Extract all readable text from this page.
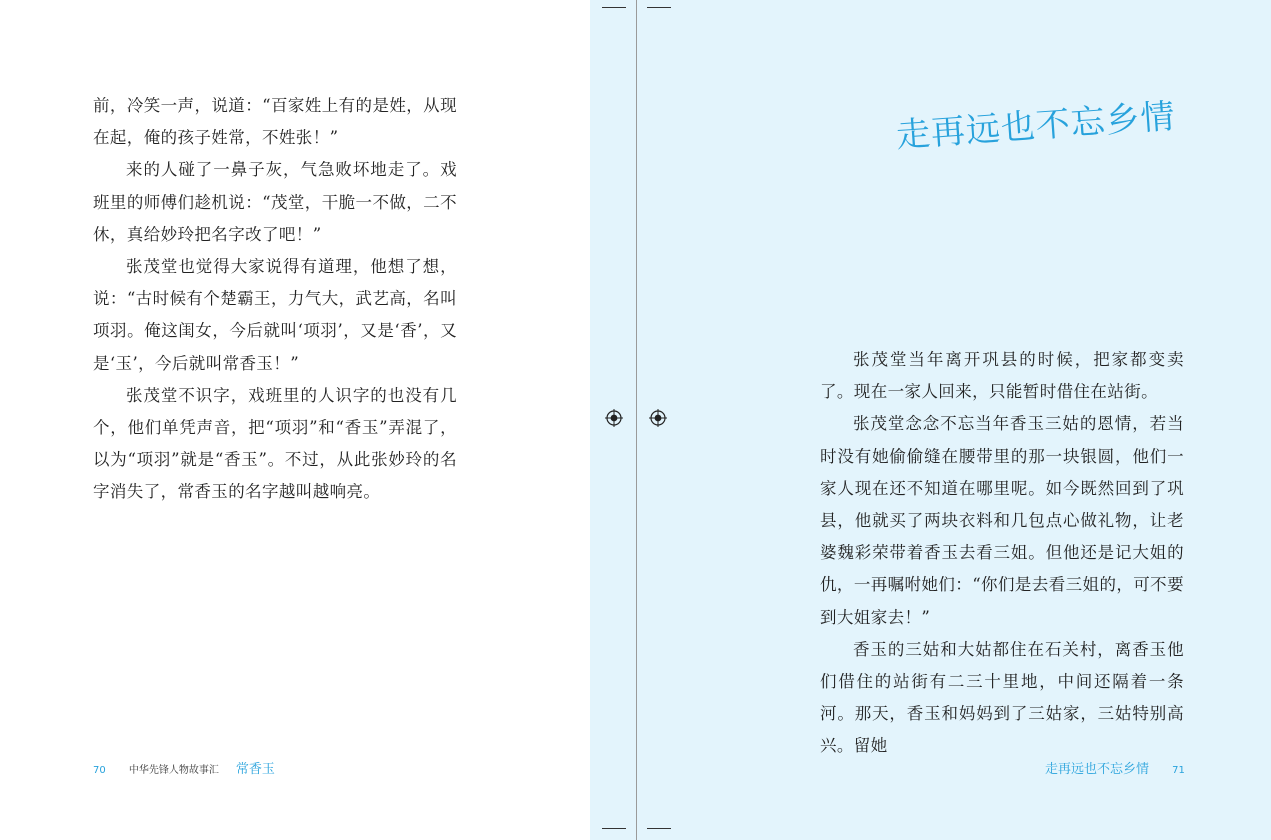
前，冷笑一声，说道：“百家姓上有的是姓，从现在起，俺的孩子姓常，不姓张！”

来的人碰了一鼻子灰，气急败坏地走了。戏班里的师傅们趁机说：“茂堂，干脆一不做，二不休，真给妙玲把名字改了吧！”

张茂堂也觉得大家说得有道理，他想了想，说：“古时候有个楚霸王，力气大，武艺高，名叫项羽。俺这闺女，今后就叫‘项羽’，又是‘香’，又是‘玉’，今后就叫常香玉！”

张茂堂不识字，戏班里的人识字的也没有几个，他们单凭声音，把“项羽”和“香玉”弄混了，以为“项羽”就是“香玉”。不过，从此张妙玲的名字消失了，常香玉的名字越叫越响亮。

70 中华先锋人物故事汇 常香玉
走再远也不忘乡情

张茂堂当年离开巩县的时候，把家都变卖了。现在一家人回来，只能暂时借住在站街。

张茂堂念念不忘当年香玉三姑的恩情，若当时没有她偷偷缝在腰带里的那一块银圆，他们一家人现在还不知道在哪里呢。如今既然回到了巩县，他就买了两块衣料和几包点心做礼物，让老婆魏彩荣带着香玉去看三姐。但他还是记大姐的仇，一再嘱咐她们：“你们是去看三姐的，可不要到大姐家去！”

香玉的三姑和大姑都住在石关村，离香玉他们借住的站街有二三十里地，中间还隔着一条河。那天，香玉和妈妈到了三姑家，三姑特别高兴。留她

走再远也不忘乡情 71
